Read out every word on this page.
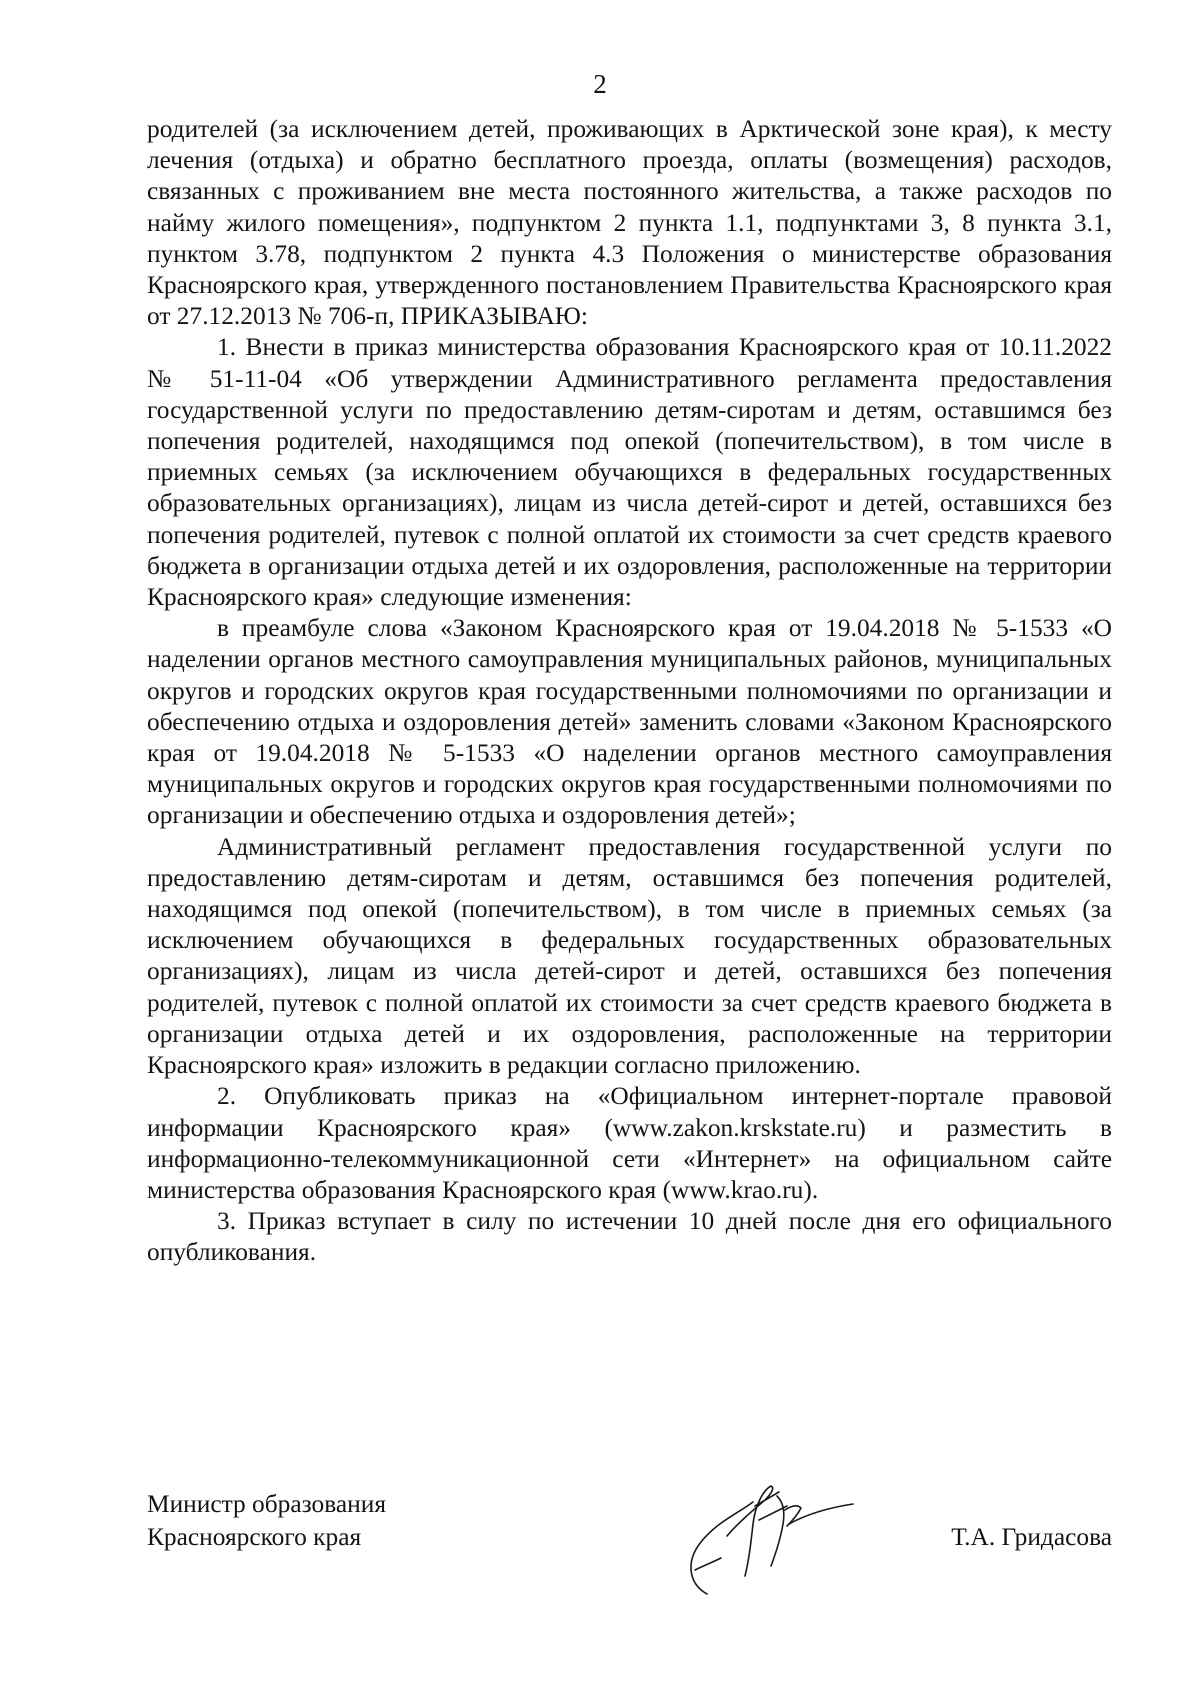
2

родителей (за исключением детей, проживающих в Арктической зоне края), к месту лечения (отдыха) и обратно бесплатного проезда, оплаты (возмещения) расходов, связанных с проживанием вне места постоянного жительства, а также расходов по найму жилого помещения», подпунктом 2 пункта 1.1, подпунктами 3, 8 пункта 3.1, пунктом 3.78, подпунктом 2 пункта 4.3 Положения о министерстве образования Красноярского края, утвержденного постановлением Правительства Красноярского края от 27.12.2013 № 706-п, ПРИКАЗЫВАЮ:

1. Внести в приказ министерства образования Красноярского края от 10.11.2022 № 51-11-04 «Об утверждении Административного регламента предоставления государственной услуги по предоставлению детям-сиротам и детям, оставшимся без попечения родителей, находящимся под опекой (попечительством), в том числе в приемных семьях (за исключением обучающихся в федеральных государственных образовательных организациях), лицам из числа детей-сирот и детей, оставшихся без попечения родителей, путевок с полной оплатой их стоимости за счет средств краевого бюджета в организации отдыха детей и их оздоровления, расположенные на территории Красноярского края» следующие изменения:

в преамбуле слова «Законом Красноярского края от 19.04.2018 № 5-1533 «О наделении органов местного самоуправления муниципальных районов, муниципальных округов и городских округов края государственными полномочиями по организации и обеспечению отдыха и оздоровления детей» заменить словами «Законом Красноярского края от 19.04.2018 № 5-1533 «О наделении органов местного самоуправления муниципальных округов и городских округов края государственными полномочиями по организации и обеспечению отдыха и оздоровления детей»;

Административный регламент предоставления государственной услуги по предоставлению детям-сиротам и детям, оставшимся без попечения родителей, находящимся под опекой (попечительством), в том числе в приемных семьях (за исключением обучающихся в федеральных государственных образовательных организациях), лицам из числа детей-сирот и детей, оставшихся без попечения родителей, путевок с полной оплатой их стоимости за счет средств краевого бюджета в организации отдыха детей и их оздоровления, расположенные на территории Красноярского края» изложить в редакции согласно приложению.

2. Опубликовать приказ на «Официальном интернет-портале правовой информации Красноярского края» (www.zakon.krskstate.ru) и разместить в информационно-телекоммуникационной сети «Интернет» на официальном сайте министерства образования Красноярского края (www.krao.ru).

3. Приказ вступает в силу по истечении 10 дней после дня его официального опубликования.

Министр образования
Красноярского края	Т.А. Гридасова
